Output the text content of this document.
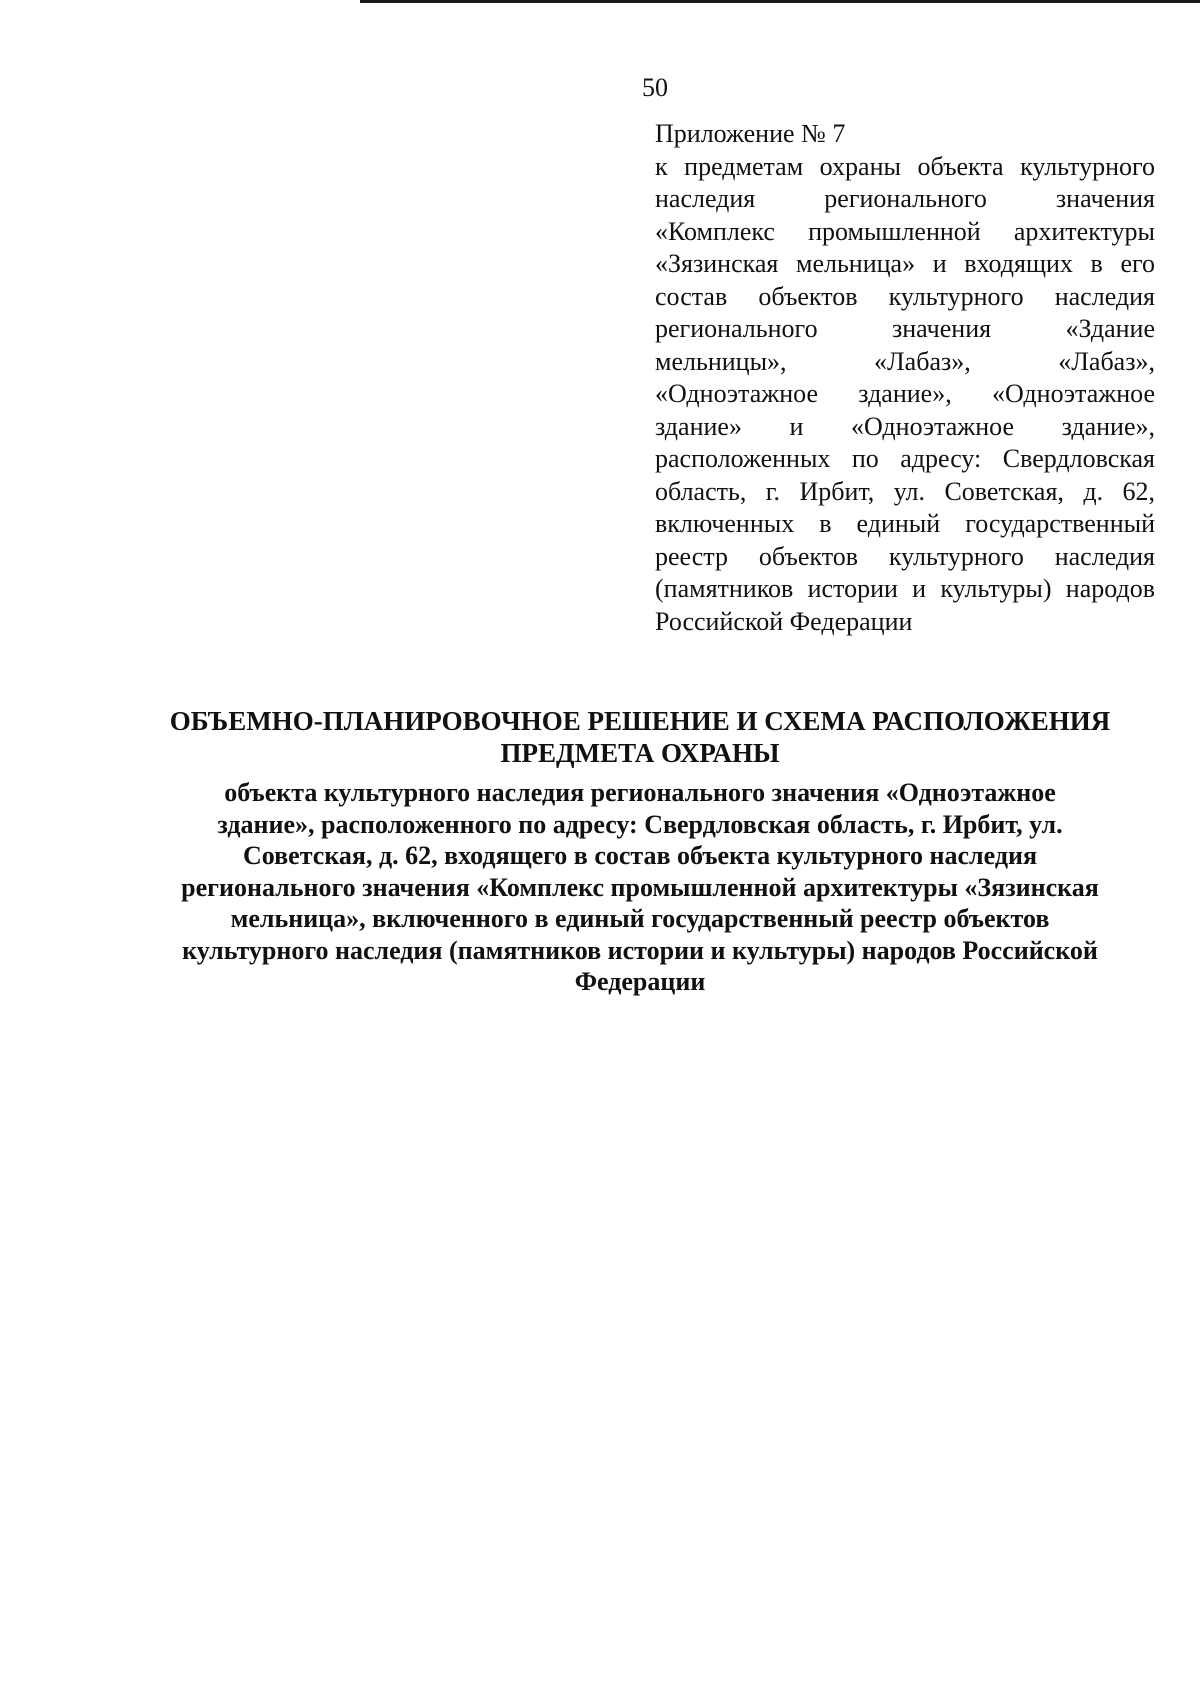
50
Приложение № 7
к предметам охраны объекта культурного наследия регионального значения «Комплекс промышленной архитектуры «Зязинская мельница» и входящих в его состав объектов культурного наследия регионального значения «Здание мельницы», «Лабаз», «Лабаз», «Одноэтажное здание», «Одноэтажное здание» и «Одноэтажное здание», расположенных по адресу: Свердловская область, г. Ирбит, ул. Советская, д. 62, включенных в единый государственный реестр объектов культурного наследия (памятников истории и культуры) народов Российской Федерации
ОБЪЕМНО-ПЛАНИРОВОЧНОЕ РЕШЕНИЕ И СХЕМА РАСПОЛОЖЕНИЯ ПРЕДМЕТА ОХРАНЫ
объекта культурного наследия регионального значения «Одноэтажное здание», расположенного по адресу: Свердловская область, г. Ирбит, ул. Советская, д. 62, входящего в состав объекта культурного наследия регионального значения «Комплекс промышленной архитектуры «Зязинская мельница», включенного в единый государственный реестр объектов культурного наследия (памятников истории и культуры) народов Российской Федерации
